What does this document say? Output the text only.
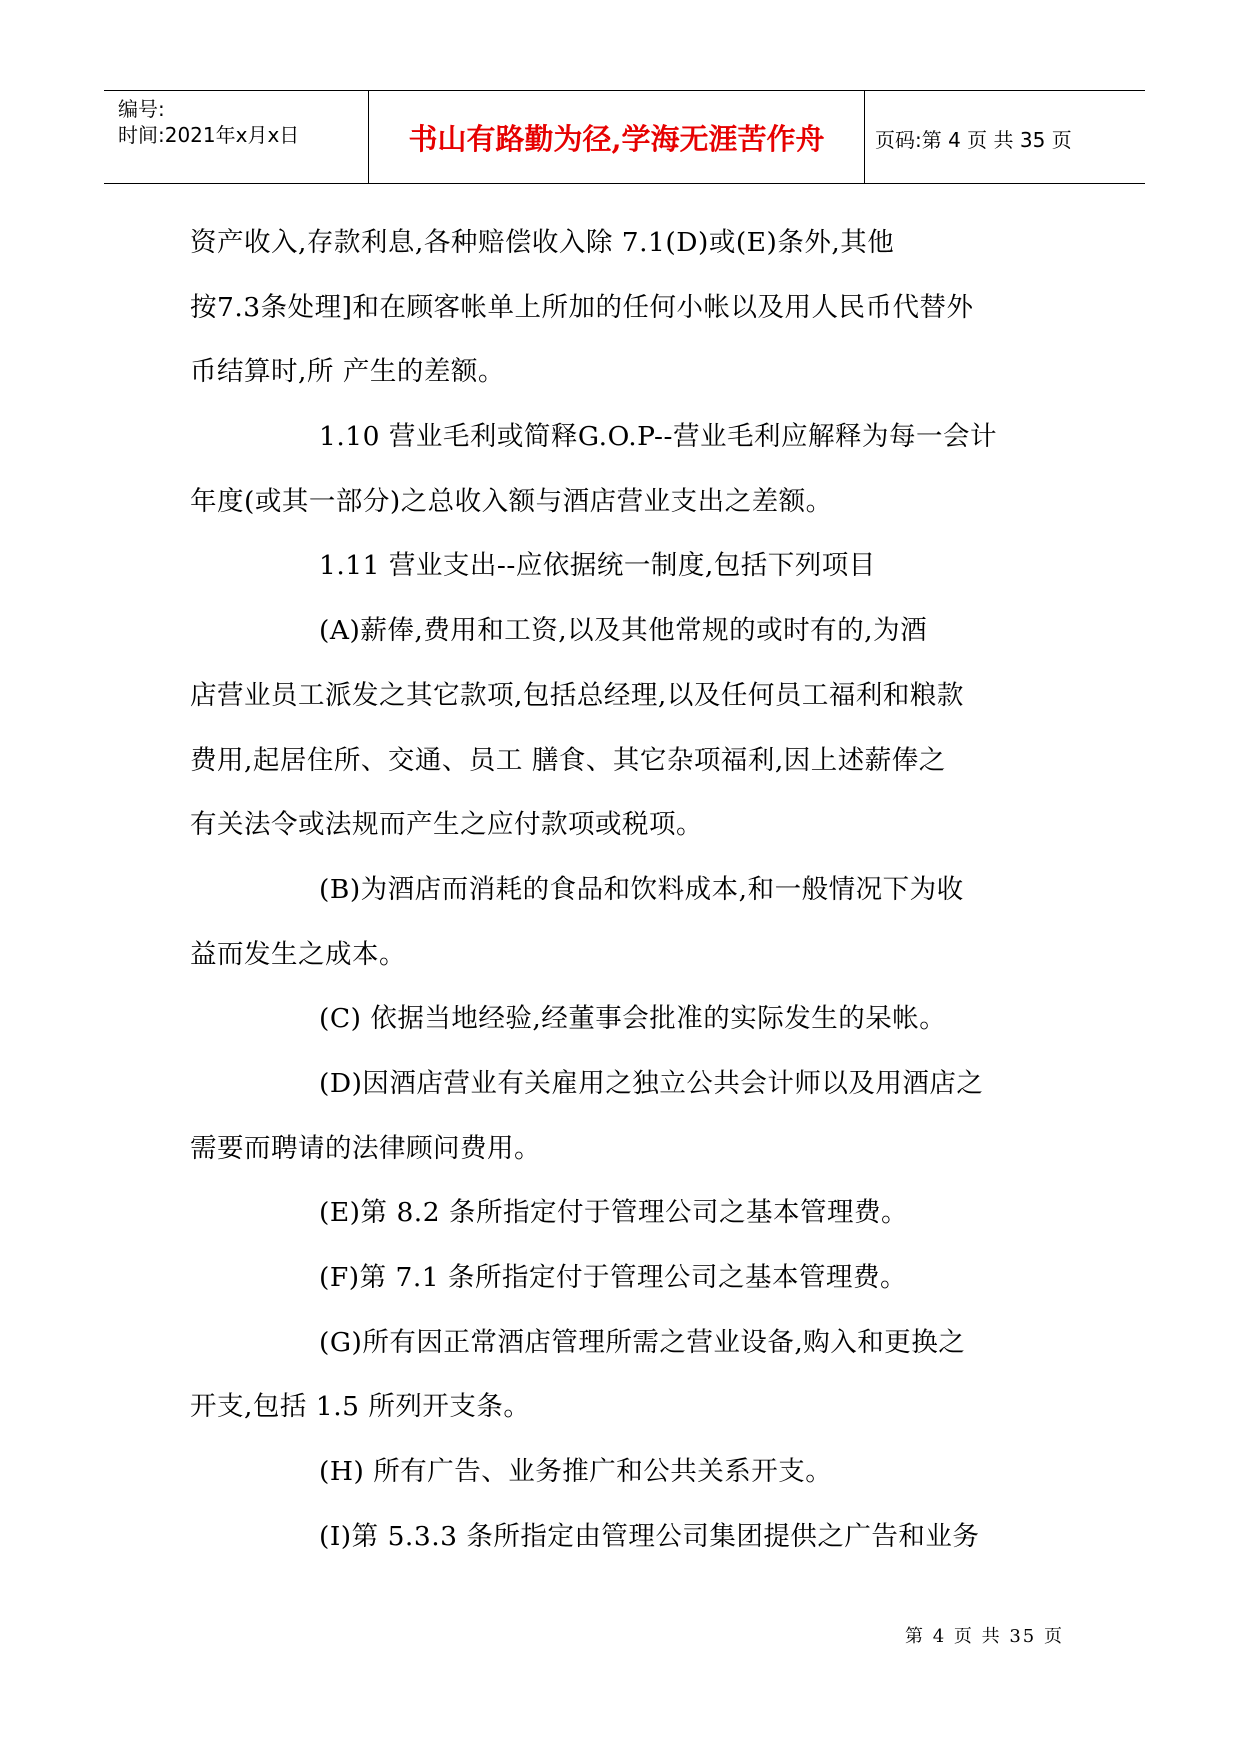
编号:
时间:2021年x月x日	书山有路勤为径,学海无涯苦作舟	页码:第 4 页 共 35 页
资产收入,存款利息,各种赔偿收入除 7.1(D)或(E)条外,其他
按7.3条处理]和在顾客帐单上所加的任何小帐以及用人民币代替外
币结算时,所 产生的差额。
1.10 营业毛利或简释G.O.P--营业毛利应解释为每一会计
年度(或其一部分)之总收入额与酒店营业支出之差额。
1.11 营业支出--应依据统一制度,包括下列项目
(A)薪俸,费用和工资,以及其他常规的或时有的,为酒
店营业员工派发之其它款项,包括总经理,以及任何员工福利和粮款
费用,起居住所、交通、员工 膳食、其它杂项福利,因上述薪俸之
有关法令或法规而产生之应付款项或税项。
(B)为酒店而消耗的食品和饮料成本,和一般情况下为收
益而发生之成本。
(C) 依据当地经验,经董事会批准的实际发生的呆帐。
(D)因酒店营业有关雇用之独立公共会计师以及用酒店之
需要而聘请的法律顾问费用。
(E)第 8.2 条所指定付于管理公司之基本管理费。
(F)第 7.1 条所指定付于管理公司之基本管理费。
(G)所有因正常酒店管理所需之营业设备,购入和更换之
开支,包括 1.5 所列开支条。
(H) 所有广告、业务推广和公共关系开支。
(I)第 5.3.3 条所指定由管理公司集团提供之广告和业务
第 4 页 共 35 页
